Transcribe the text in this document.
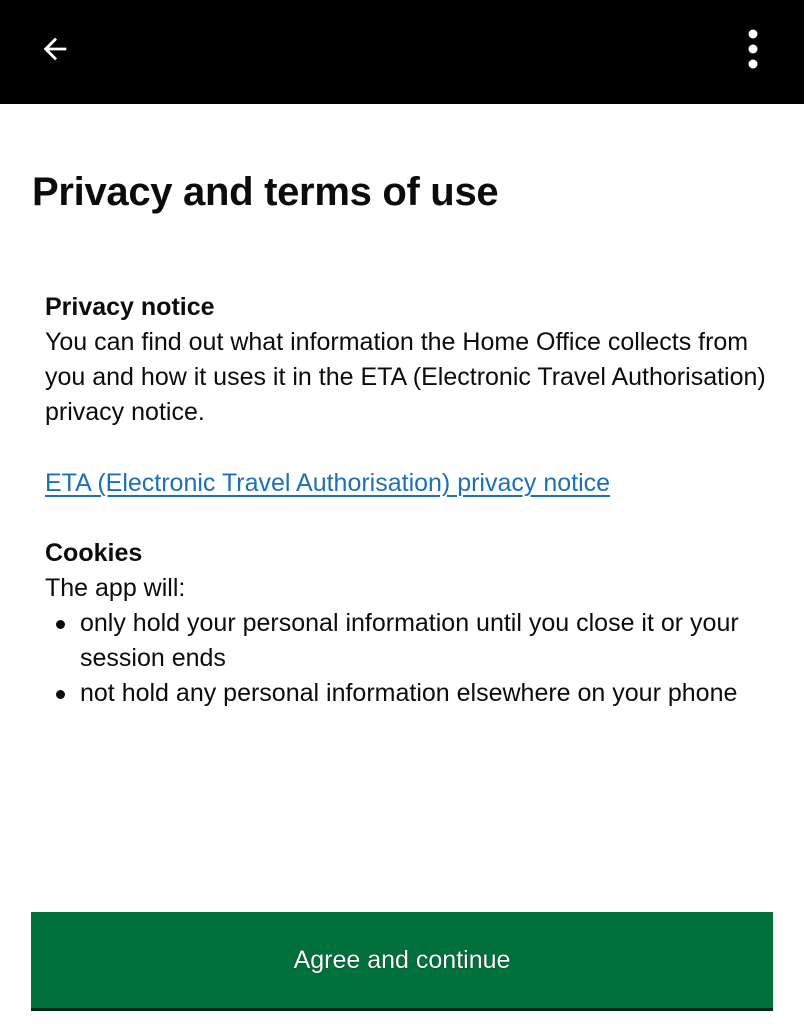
Privacy and terms of use
Privacy notice

You can find out what information the Home Office collects from you and how it uses it in the ETA (Electronic Travel Authorisation) privacy notice.

ETA (Electronic Travel Authorisation) privacy notice
Cookies

The app will:

only hold your personal information until you close it or your session ends
not hold any personal information elsewhere on your phone
Agree and continue
